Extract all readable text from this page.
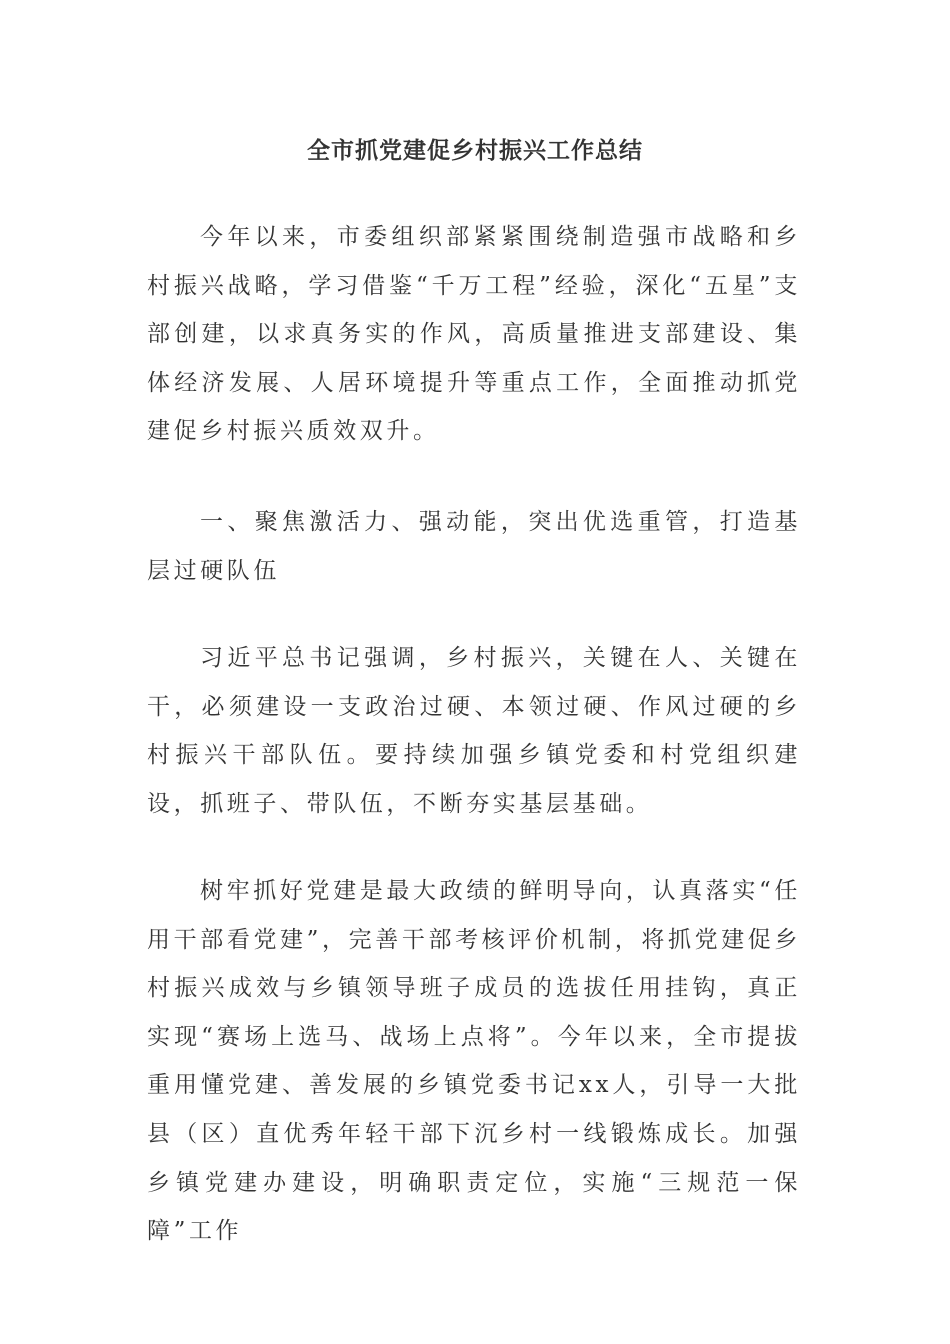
全市抓党建促乡村振兴工作总结

今年以来，市委组织部紧紧围绕制造强市战略和乡村振兴战略，学习借鉴“千万工程”经验，深化“五星”支部创建，以求真务实的作风，高质量推进支部建设、集体经济发展、人居环境提升等重点工作，全面推动抓党建促乡村振兴质效双升。

一、聚焦激活力、强动能，突出优选重管，打造基层过硬队伍

习近平总书记强调，乡村振兴，关键在人、关键在干，必须建设一支政治过硬、本领过硬、作风过硬的乡村振兴干部队伍。要持续加强乡镇党委和村党组织建设，抓班子、带队伍，不断夯实基层基础。

树牢抓好党建是最大政绩的鲜明导向，认真落实“任用干部看党建”，完善干部考核评价机制，将抓党建促乡村振兴成效与乡镇领导班子成员的选拔任用挂钩，真正实现“赛场上选马、战场上点将”。今年以来，全市提拔重用懂党建、善发展的乡镇党委书记xx人，引导一大批县（区）直优秀年轻干部下沉乡村一线锻炼成长。加强乡镇党建办建设，明确职责定位，实施“三规范一保障”工作
